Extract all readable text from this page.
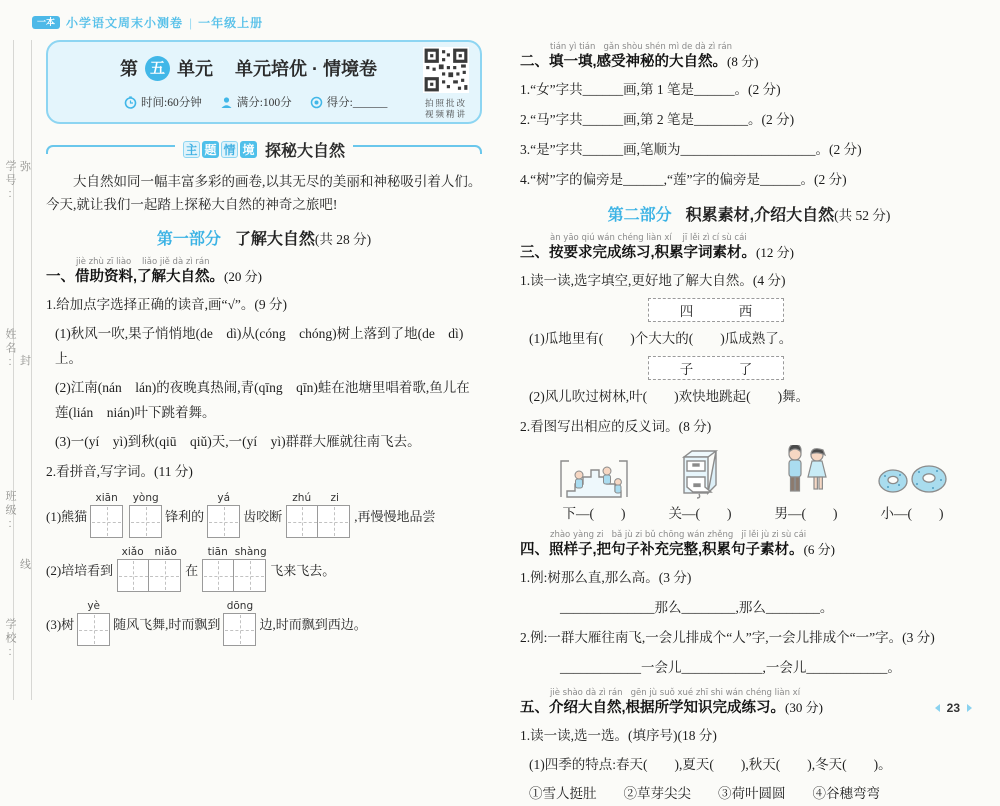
一本 小学语文周末小测卷 | 一年级上册
学号:
姓名:
班级:
学校:
弥
封
线
第 五 单元 单元培优 · 情境卷
时间:60分钟	满分:100分	得分:______	拍照批改
视频精讲
主 题 情 境 探秘大自然
大自然如同一幅丰富多彩的画卷,以其无尽的美丽和神秘吸引着人们。今天,就让我们一起踏上探秘大自然的神奇之旅吧!
第一部分 了解大自然(共 28 分)
jiè zhù zī liào    liǎo jiě dà zì rán
一、借助资料,了解大自然。(20 分)
1.给加点字选择正确的读音,画“√”。(9 分)
(1)秋风一吹,果子悄悄地(de　dì)从(cóng　chóng)树上落到了地(de　dì)上。
(2)江南(nán　lán)的夜晚真热闹,青(qīng　qīn)蛙在池塘里唱着歌,鱼儿在莲(lián　nián)叶下跳着舞。
(3)一(yí　yì)到秋(qiū　qiǔ)天,一(yí　yì)群群大雁就往南飞去。
2.看拼音,写字词。(11 分)
(1)熊猫
xiān yòng
锋利的
yá
齿咬断
zhú	zi
,再慢慢地品尝
(2)培培看到
xiǎo	niǎo
在
tiān shàng
飞来飞去。
(3)树
yè
随风飞舞,时而飘到
dōng
边,时而飘到西边。
tián yì tián   gǎn shòu shén mì de dà zì rán
二、填一填,感受神秘的大自然。(8 分)
1.“女”字共______画,第 1 笔是______。(2 分)
2.“马”字共______画,第 2 笔是________。(2 分)
3.“是”字共______画,笔顺为____________________。(2 分)
4.“树”字的偏旁是______,“莲”字的偏旁是______。(2 分)
第二部分 积累素材,介绍大自然(共 52 分)
àn yāo qiú wán chéng liàn xí    jī lěi zì cí sù cái
三、按要求完成练习,积累字词素材。(12 分)
1.读一读,选字填空,更好地了解大自然。(4 分)
四	西
(1)瓜地里有(　　)个大大的(　　)瓜成熟了。
子	了
(2)风儿吹过树林,叶(　　)欢快地跳起(　　)舞。
2.看图写出相应的反义词。(8 分)
下—(　　)	关—(　　)	男—(　　)	小—(　　)
zhào yàng zi   bǎ jù zi bǔ chōng wán zhěng   jī lěi jù zi sù cái
四、照样子,把句子补充完整,积累句子素材。(6 分)
1.例:树那么直,那么高。(3 分)
______________那么________,那么________。
2.例:一群大雁往南飞,一会儿排成个“人”字,一会儿排成个“一”字。(3 分)
____________一会儿____________,一会儿____________。
jiè shào dà zì rán   gēn jù suǒ xué zhī shi wán chéng liàn xí
五、介绍大自然,根据所学知识完成练习。(30 分)
1.读一读,选一选。(填序号)(18 分)
(1)四季的特点:春天(　　),夏天(　　),秋天(　　),冬天(　　)。
①雪人挺肚　　②草芽尖尖　　③荷叶圆圆　　④谷穗弯弯
23
